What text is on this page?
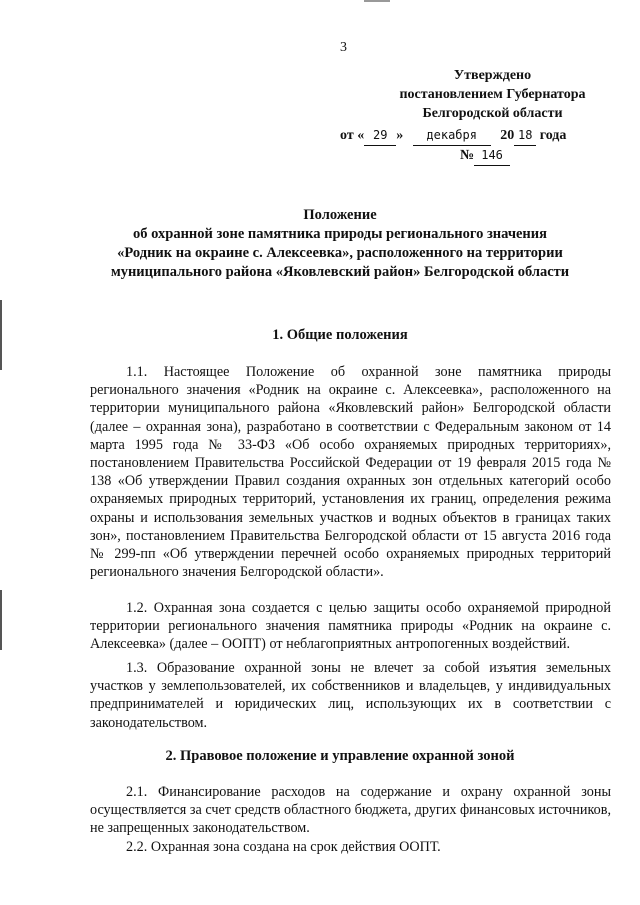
3
Утверждено
постановлением Губернатора
Белгородской области
от « 29 » декабря 20 18 года
№ 146
Положение
об охранной зоне памятника природы регионального значения
«Родник на окраине с. Алексеевка», расположенного на территории
муниципального района «Яковлевский район» Белгородской области
1. Общие положения

1.1. Настоящее Положение об охранной зоне памятника природы регионального значения «Родник на окраине с. Алексеевка», расположенного на территории муниципального района «Яковлевский район» Белгородской области (далее – охранная зона), разработано в соответствии с Федеральным законом от 14 марта 1995 года № 33-ФЗ «Об особо охраняемых природных территориях», постановлением Правительства Российской Федерации от 19 февраля 2015 года № 138 «Об утверждении Правил создания охранных зон отдельных категорий особо охраняемых природных территорий, установления их границ, определения режима охраны и использования земельных участков и водных объектов в границах таких зон», постановлением Правительства Белгородской области от 15 августа 2016 года № 299-пп «Об утверждении перечней особо охраняемых природных территорий регионального значения Белгородской области».

1.2. Охранная зона создается с целью защиты особо охраняемой природной территории регионального значения памятника природы «Родник на окраине с. Алексеевка» (далее – ООПТ) от неблагоприятных антропогенных воздействий.

1.3. Образование охранной зоны не влечет за собой изъятия земельных участков у землепользователей, их собственников и владельцев, у индивидуальных предпринимателей и юридических лиц, использующих их в соответствии с законодательством.

2. Правовое положение и управление охранной зоной

2.1. Финансирование расходов на содержание и охрану охранной зоны осуществляется за счет средств областного бюджета, других финансовых источников, не запрещенных законодательством.

2.2. Охранная зона создана на срок действия ООПТ.
